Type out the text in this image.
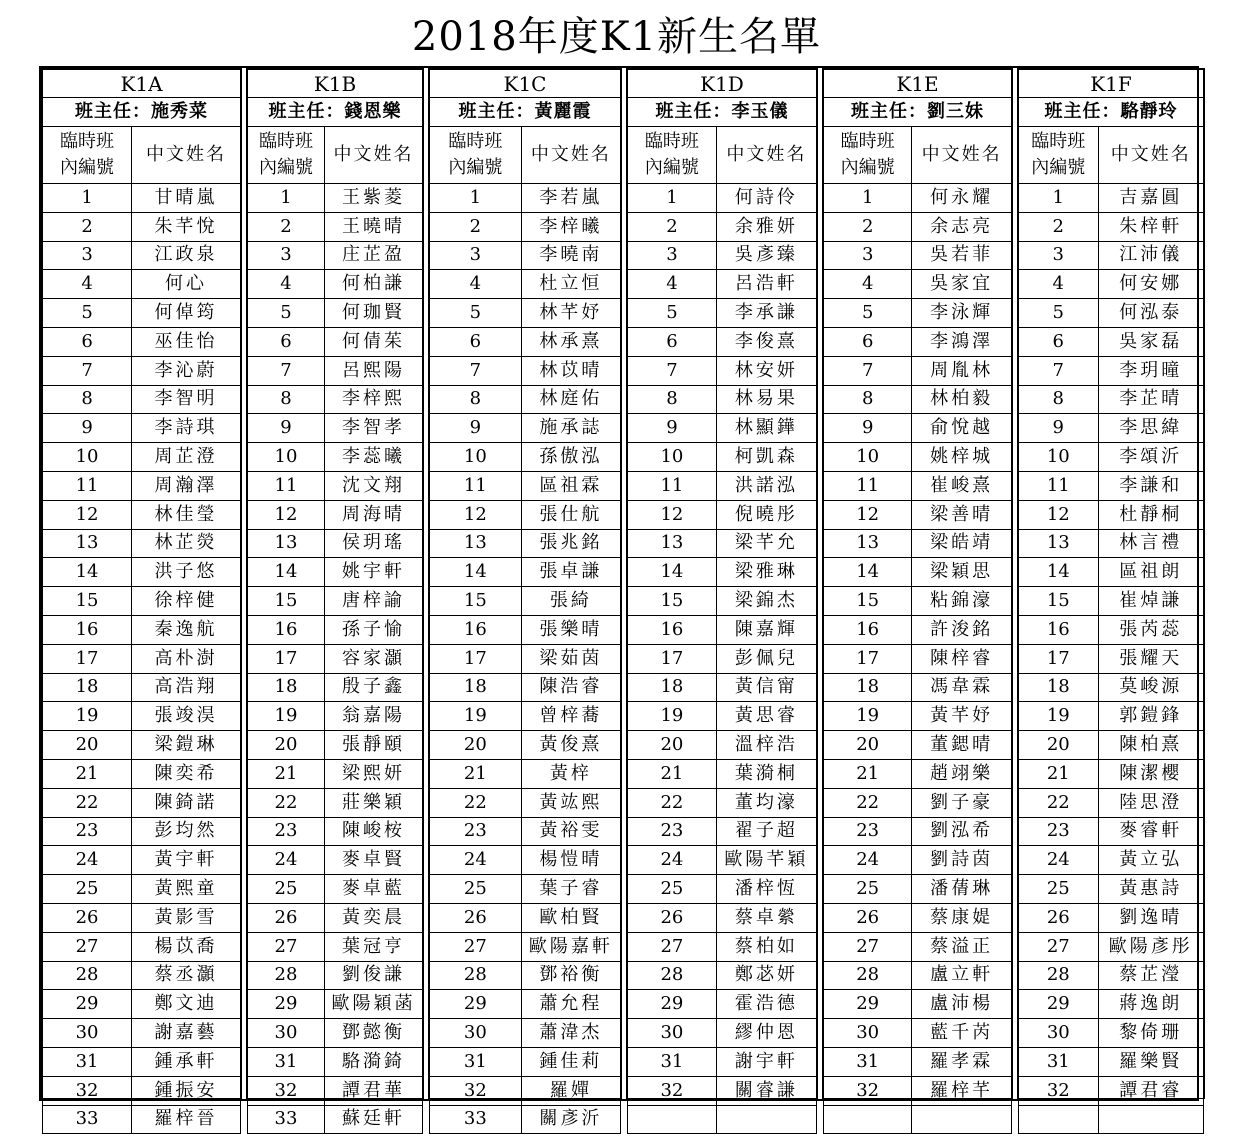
2018年度K1新生名單
K1A	
班主任：施秀菜	
臨時班
內編號	中文姓名
1	甘晴嵐
2	朱芊悅
3	江政泉
4	何心
5	何倬筠
6	巫佳怡
7	李沁蔚
8	李智明
9	李詩琪
10	周芷澄
11	周瀚澤
12	林佳瑩
13	林芷熒
14	洪子悠
15	徐梓健
16	秦逸航
17	高朴澍
18	高浩翔
19	張竣淏
20	梁鎧琳
21	陳奕希
22	陳錡諾
23	彭均然
24	黃宇軒
25	黃熙童
26	黃影雪
27	楊苡喬
28	蔡丞灝
29	鄭文迪
30	謝嘉藝
31	鍾承軒
32	鍾振安
33	羅梓晉
K1B	
班主任：錢恩樂	
臨時班
內編號	中文姓名
1	王紫菱
2	王曉晴
3	庄芷盈
4	何柏謙
5	何珈賢
6	何倩茱
7	呂熙陽
8	李梓熙
9	李智孝
10	李蕊曦
11	沈文翔
12	周海晴
13	侯玥瑤
14	姚宇軒
15	唐梓諭
16	孫子愉
17	容家灝
18	殷子鑫
19	翁嘉陽
20	張靜頤
21	梁熙妍
22	莊樂穎
23	陳峻桉
24	麥卓賢
25	麥卓藍
26	黃奕晨
27	葉冠亨
28	劉俊謙
29	歐陽穎菡
30	鄧懿衡
31	駱漪錡
32	譚君華
33	蘇廷軒
K1C	
班主任：黃麗霞	
臨時班
內編號	中文姓名
1	李若嵐
2	李梓曦
3	李曉南
4	杜立恒
5	林芊妤
6	林承熹
7	林苡晴
8	林庭佑
9	施承誌
10	孫傲泓
11	區祖霖
12	張仕航
13	張兆銘
14	張卓謙
15	張綺
16	張樂晴
17	梁茹茵
18	陳浩睿
19	曾梓蕎
20	黃俊熹
21	黃梓
22	黃竑熙
23	黃裕雯
24	楊愷晴
25	葉子睿
26	歐柏賢
27	歐陽嘉軒
28	鄧裕衡
29	蕭允程
30	蕭湋杰
31	鍾佳莉
32	羅嬋
33	關彥沂
K1D	
班主任：李玉儀	
臨時班
內編號	中文姓名
1	何詩伶
2	余雅妍
3	吳彥臻
4	呂浩軒
5	李承謙
6	李俊熹
7	林安妍
8	林易果
9	林顯鏵
10	柯凱森
11	洪諾泓
12	倪曉彤
13	梁芊允
14	梁雅琳
15	梁錦杰
16	陳嘉輝
17	彭佩兒
18	黃信甯
19	黃思睿
20	溫梓浩
21	葉漪桐
22	董均濠
23	翟子超
24	歐陽芊穎
25	潘梓恆
26	蔡卓縈
27	蔡柏如
28	鄭苾妍
29	霍浩德
30	繆仲恩
31	謝宇軒
32	關睿謙

K1E	
班主任：劉三妹	
臨時班
內編號	中文姓名
1	何永耀
2	余志亮
3	吳若菲
4	吳家宜
5	李泳輝
6	李鴻澤
7	周胤林
8	林柏毅
9	俞悅越
10	姚梓城
11	崔峻熹
12	梁善晴
13	梁皓靖
14	梁穎思
15	粘錦濠
16	許浚銘
17	陳梓睿
18	馮韋霖
19	黃芊妤
20	董鍶晴
21	趙翊樂
22	劉子豪
23	劉泓希
24	劉詩茵
25	潘蒨琳
26	蔡康媞
27	蔡溢正
28	盧立軒
29	盧沛楊
30	藍千芮
31	羅孝霖
32	羅梓芊

K1F	
班主任：駱靜玲	
臨時班
內編號	中文姓名
1	吉嘉圓
2	朱梓軒
3	江沛儀
4	何安娜
5	何泓泰
6	吳家磊
7	李玥曈
8	李芷晴
9	李思緯
10	李頌沂
11	李謙和
12	杜靜桐
13	林言禮
14	區祖朗
15	崔焯謙
16	張芮蕊
17	張耀天
18	莫峻源
19	郭鎧鋒
20	陳柏熹
21	陳潔櫻
22	陸思澄
23	麥睿軒
24	黃立弘
25	黃惠詩
26	劉逸晴
27	歐陽彥彤
28	蔡芷瀅
29	蔣逸朗
30	黎倚珊
31	羅樂賢
32	譚君睿
